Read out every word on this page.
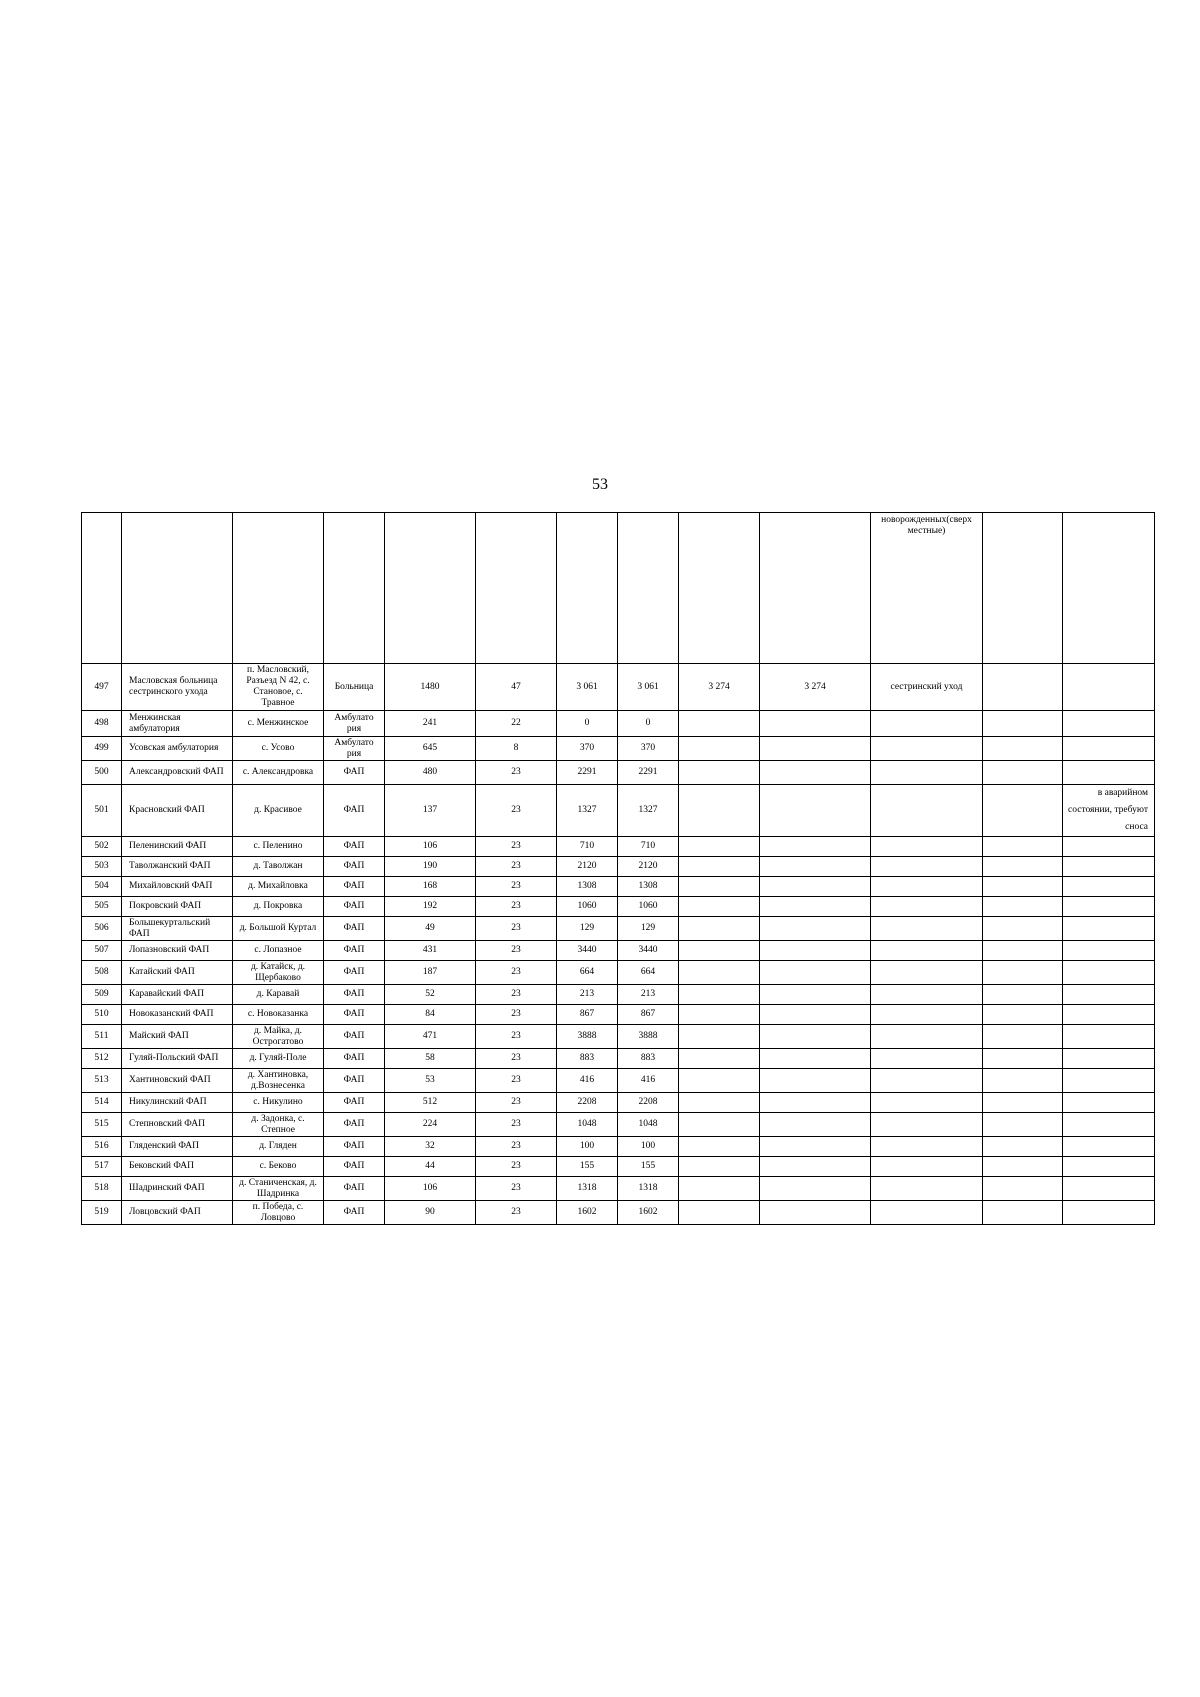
53
										новорожденных(сверх местные)		
497	Масловская больница сестринского ухода	п. Масловский, Разъезд N 42, с. Становое, с. Травное	Больница	1480	47	3 061	3 061	3 274	3 274	сестринский уход		
498	Менжинская амбулатория	с. Менжинское	Амбулато рия	241	22	0	0					
499	Усовская амбулатория	с. Усово	Амбулато рия	645	8	370	370					
500	Александровский ФАП	с. Александровка	ФАП	480	23	2291	2291					
501	Красновский ФАП	д. Красивое	ФАП	137	23	1327	1327					в аварийном состоянии, требуют сноса
502	Пеленинский ФАП	с. Пеленино	ФАП	106	23	710	710					
503	Таволжанский ФАП	д. Таволжан	ФАП	190	23	2120	2120					
504	Михайловский ФАП	д. Михайловка	ФАП	168	23	1308	1308					
505	Покровский ФАП	д. Покровка	ФАП	192	23	1060	1060					
506	Большекуртальский ФАП	д. Большой Куртал	ФАП	49	23	129	129					
507	Лопазновский ФАП	с. Лопазное	ФАП	431	23	3440	3440					
508	Катайский ФАП	д. Катайск, д. Щербаково	ФАП	187	23	664	664					
509	Каравайский ФАП	д. Каравай	ФАП	52	23	213	213					
510	Новоказанский ФАП	с. Новоказанка	ФАП	84	23	867	867					
511	Майский ФАП	д. Майка, д. Острогатово	ФАП	471	23	3888	3888					
512	Гуляй-Польский ФАП	д. Гуляй-Поле	ФАП	58	23	883	883					
513	Хантиновский ФАП	д. Хантиновка, д.Вознесенка	ФАП	53	23	416	416					
514	Никулинский ФАП	с. Никулино	ФАП	512	23	2208	2208					
515	Степновский ФАП	д. Задонка, с. Степное	ФАП	224	23	1048	1048					
516	Гляденский ФАП	д. Гляден	ФАП	32	23	100	100					
517	Бековский ФАП	с. Беково	ФАП	44	23	155	155					
518	Шадринский ФАП	д. Станиченская, д. Шадринка	ФАП	106	23	1318	1318					
519	Ловцовский ФАП	п. Победа, с. Ловцово	ФАП	90	23	1602	1602					
